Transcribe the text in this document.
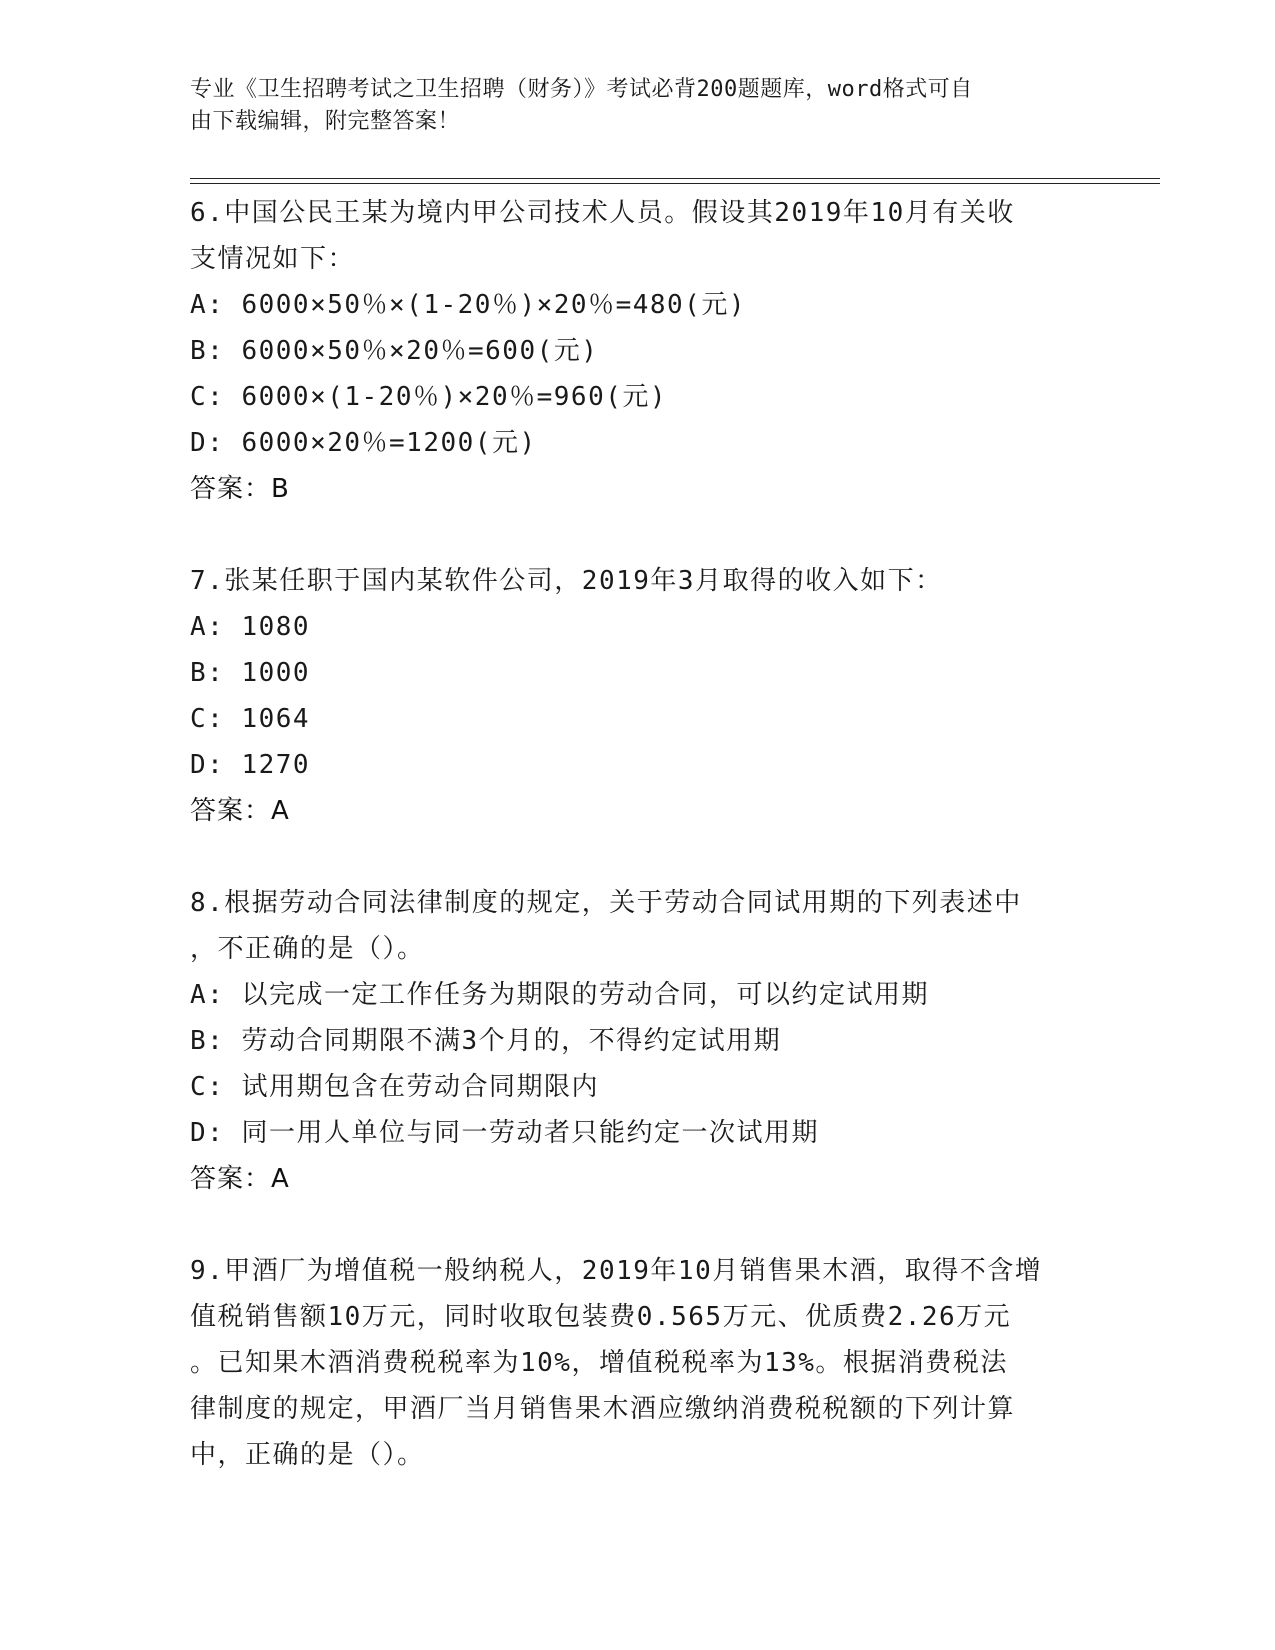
专业《卫生招聘考试之卫生招聘（财务）》考试必背200题题库，word格式可自
由下载编辑，附完整答案！
6.中国公民王某为境内甲公司技术人员。假设其2019年10月有关收
支情况如下：
A: 6000×50％×(1-20％)×20％=480(元)
B: 6000×50％×20％=600(元)
C: 6000×(1-20％)×20％=960(元)
D: 6000×20％=1200(元)
答案：B
7.张某任职于国内某软件公司，2019年3月取得的收入如下：
A: 1080
B: 1000
C: 1064
D: 1270
答案：A
8.根据劳动合同法律制度的规定，关于劳动合同试用期的下列表述中
，不正确的是（）。
A: 以完成一定工作任务为期限的劳动合同，可以约定试用期
B: 劳动合同期限不满3个月的，不得约定试用期
C: 试用期包含在劳动合同期限内
D: 同一用人单位与同一劳动者只能约定一次试用期
答案：A
9.甲酒厂为增值税一般纳税人，2019年10月销售果木酒，取得不含增
值税销售额10万元，同时收取包装费0.565万元、优质费2.26万元
。已知果木酒消费税税率为10%，增值税税率为13%。根据消费税法
律制度的规定，甲酒厂当月销售果木酒应缴纳消费税税额的下列计算
中，正确的是（）。
